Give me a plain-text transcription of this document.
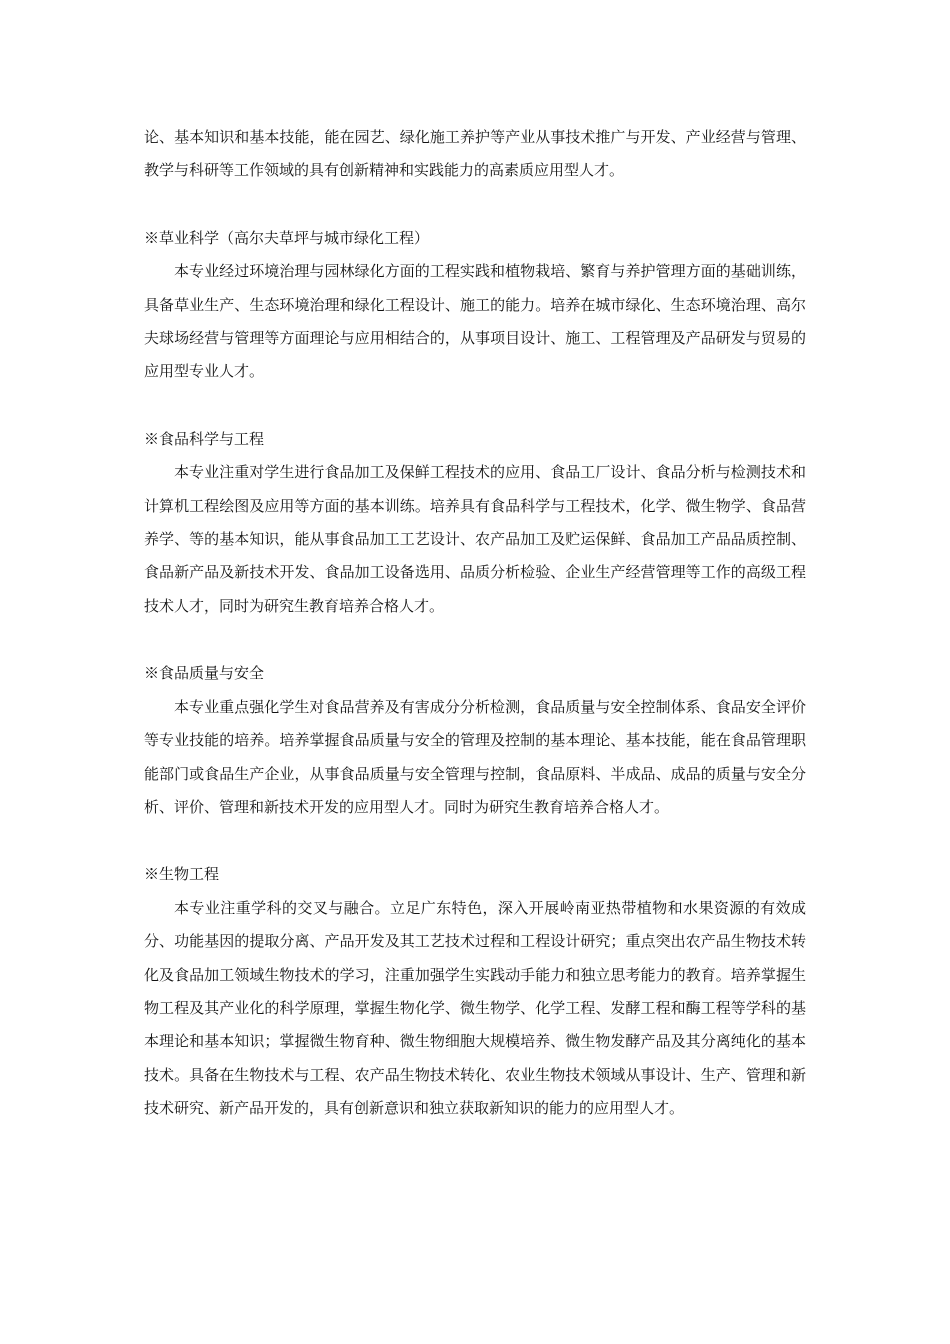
论、基本知识和基本技能，能在园艺、绿化施工养护等产业从事技术推广与开发、产业经营与管理、教学与科研等工作领域的具有创新精神和实践能力的高素质应用型人才。

※草业科学（高尔夫草坪与城市绿化工程）

本专业经过环境治理与园林绿化方面的工程实践和植物栽培、繁育与养护管理方面的基础训练，具备草业生产、生态环境治理和绿化工程设计、施工的能力。培养在城市绿化、生态环境治理、高尔夫球场经营与管理等方面理论与应用相结合的，从事项目设计、施工、工程管理及产品研发与贸易的应用型专业人才。

※食品科学与工程

本专业注重对学生进行食品加工及保鲜工程技术的应用、食品工厂设计、食品分析与检测技术和计算机工程绘图及应用等方面的基本训练。培养具有食品科学与工程技术，化学、微生物学、食品营养学、等的基本知识，能从事食品加工工艺设计、农产品加工及贮运保鲜、食品加工产品品质控制、食品新产品及新技术开发、食品加工设备选用、品质分析检验、企业生产经营管理等工作的高级工程技术人才，同时为研究生教育培养合格人才。

※食品质量与安全

本专业重点强化学生对食品营养及有害成分分析检测，食品质量与安全控制体系、食品安全评价等专业技能的培养。培养掌握食品质量与安全的管理及控制的基本理论、基本技能，能在食品管理职能部门或食品生产企业，从事食品质量与安全管理与控制，食品原料、半成品、成品的质量与安全分析、评价、管理和新技术开发的应用型人才。同时为研究生教育培养合格人才。

※生物工程

本专业注重学科的交叉与融合。立足广东特色，深入开展岭南亚热带植物和水果资源的有效成分、功能基因的提取分离、产品开发及其工艺技术过程和工程设计研究；重点突出农产品生物技术转化及食品加工领域生物技术的学习，注重加强学生实践动手能力和独立思考能力的教育。培养掌握生物工程及其产业化的科学原理，掌握生物化学、微生物学、化学工程、发酵工程和酶工程等学科的基本理论和基本知识；掌握微生物育种、微生物细胞大规模培养、微生物发酵产品及其分离纯化的基本技术。具备在生物技术与工程、农产品生物技术转化、农业生物技术领域从事设计、生产、管理和新技术研究、新产品开发的，具有创新意识和独立获取新知识的能力的应用型人才。
